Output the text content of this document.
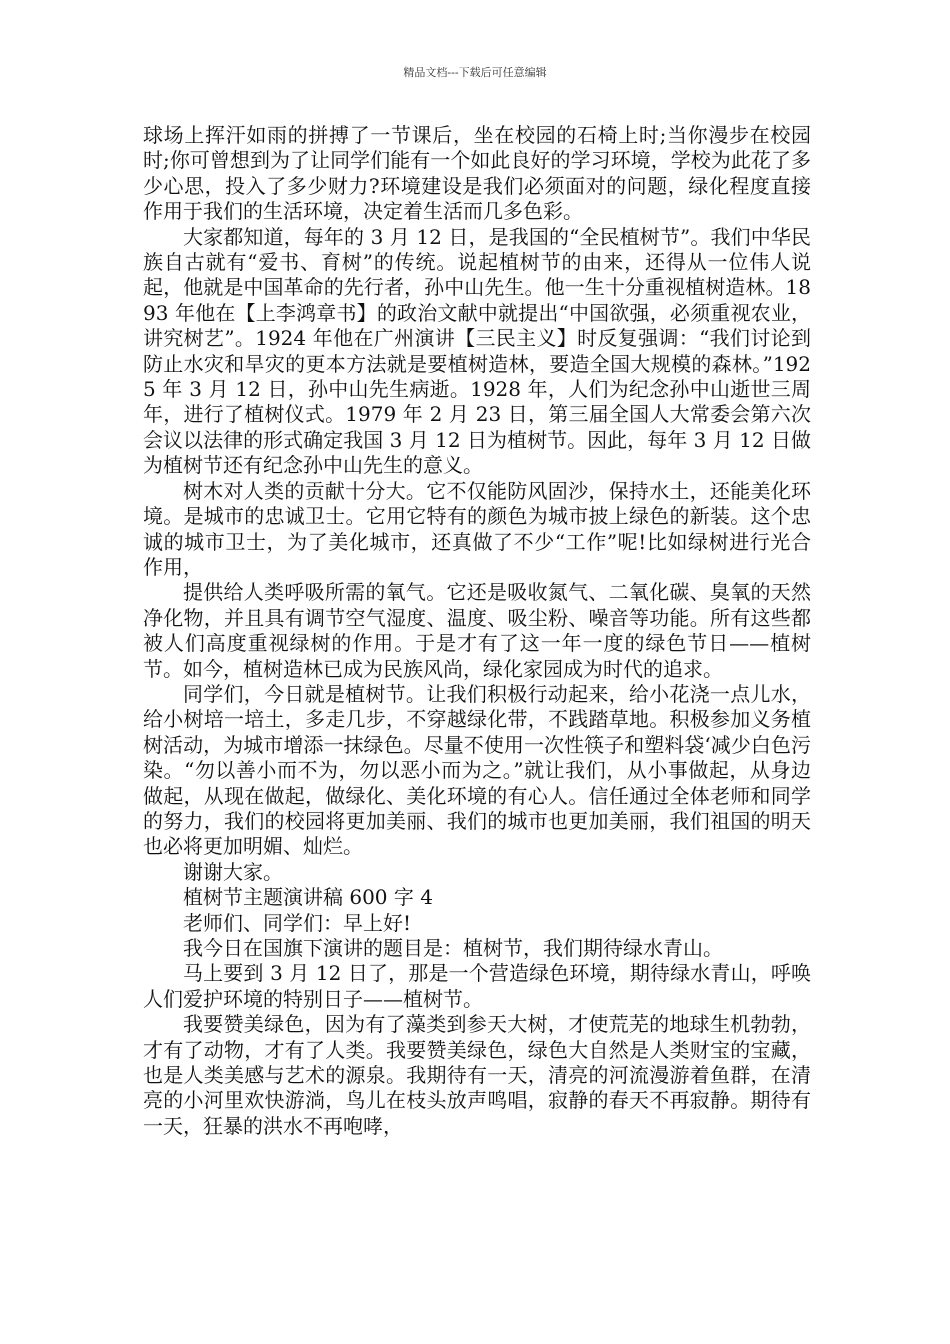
精品文档---下载后可任意编辑

球场上挥汗如雨的拼搏了一节课后，坐在校园的石椅上时;当你漫步在校园时;你可曾想到为了让同学们能有一个如此良好的学习环境，学校为此花了多少心思，投入了多少财力?环境建设是我们必须面对的问题，绿化程度直接作用于我们的生活环境，决定着生活而几多色彩。

大家都知道，每年的 3 月 12 日，是我国的“全民植树节”。我们中华民族自古就有“爱书、育树”的传统。说起植树节的由来，还得从一位伟人说起，他就是中国革命的先行者，孙中山先生。他一生十分重视植树造林。1893 年他在【上李鸿章书】的政治文献中就提出“中国欲强，必须重视农业，讲究树艺”。1924 年他在广州演讲【三民主义】时反复强调：“我们讨论到防止水灾和旱灾的更本方法就是要植树造林，要造全国大规模的森林。”1925 年 3 月 12 日，孙中山先生病逝。1928 年，人们为纪念孙中山逝世三周年，进行了植树仪式。1979 年 2 月 23 日，第三届全国人大常委会第六次会议以法律的形式确定我国 3 月 12 日为植树节。因此，每年 3 月 12 日做为植树节还有纪念孙中山先生的意义。

树木对人类的贡献十分大。它不仅能防风固沙，保持水土，还能美化环境。是城市的忠诚卫士。它用它特有的颜色为城市披上绿色的新装。这个忠诚的城市卫士，为了美化城市，还真做了不少“工作”呢!比如绿树进行光合作用，

提供给人类呼吸所需的氧气。它还是吸收氮气、二氧化碳、臭氧的天然净化物，并且具有调节空气湿度、温度、吸尘粉、噪音等功能。所有这些都被人们高度重视绿树的作用。于是才有了这一年一度的绿色节日——植树节。如今，植树造林已成为民族风尚，绿化家园成为时代的追求。

同学们，今日就是植树节。让我们积极行动起来，给小花浇一点儿水，给小树培一培土，多走几步，不穿越绿化带，不践踏草地。积极参加义务植树活动，为城市增添一抹绿色。尽量不使用一次性筷子和塑料袋‘减少白色污染。“勿以善小而不为，勿以恶小而为之。”就让我们，从小事做起，从身边做起，从现在做起，做绿化、美化环境的有心人。信任通过全体老师和同学的努力，我们的校园将更加美丽、我们的城市也更加美丽，我们祖国的明天也必将更加明媚、灿烂。

谢谢大家。

植树节主题演讲稿 600 字 4

老师们、同学们：早上好!

我今日在国旗下演讲的题目是：植树节，我们期待绿水青山。

马上要到 3 月 12 日了，那是一个营造绿色环境，期待绿水青山，呼唤人们爱护环境的特别日子——植树节。

我要赞美绿色，因为有了藻类到参天大树，才使荒芜的地球生机勃勃，才有了动物，才有了人类。我要赞美绿色，绿色大自然是人类财宝的宝藏，也是人类美感与艺术的源泉。我期待有一天，清亮的河流漫游着鱼群，在清亮的小河里欢快游淌，鸟儿在枝头放声鸣唱，寂静的春天不再寂静。期待有一天，狂暴的洪水不再咆哮，
